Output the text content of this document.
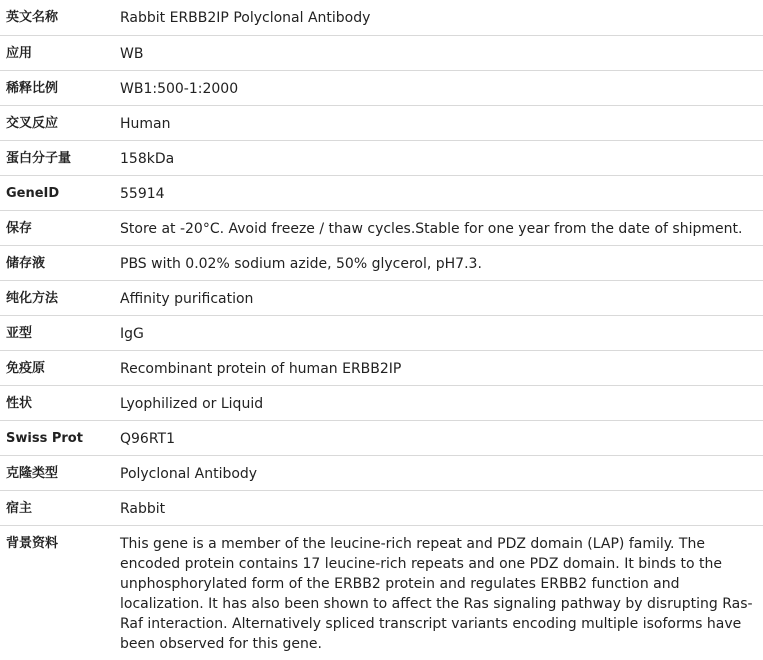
英文名称	Rabbit ERBB2IP Polyclonal Antibody
应用	WB
稀释比例	WB1:500-1:2000
交叉反应	Human
蛋白分子量	158kDa
GeneID	55914
保存	Store at -20°C. Avoid freeze / thaw cycles.Stable for one year from the date of shipment.
储存液	PBS with 0.02% sodium azide, 50% glycerol, pH7.3.
纯化方法	Affinity purification
亚型	IgG
免疫原	Recombinant protein of human ERBB2IP
性状	Lyophilized or Liquid
Swiss Prot	Q96RT1
克隆类型	Polyclonal Antibody
宿主	Rabbit
背景资料	This gene is a member of the leucine-rich repeat and PDZ domain (LAP) family. The encoded protein contains 17 leucine-rich repeats and one PDZ domain. It binds to the unphosphorylated form of the ERBB2 protein and regulates ERBB2 function and localization. It has also been shown to affect the Ras signaling pathway by disrupting Ras-Raf interaction. Alternatively spliced transcript variants encoding multiple isoforms have been observed for this gene.
